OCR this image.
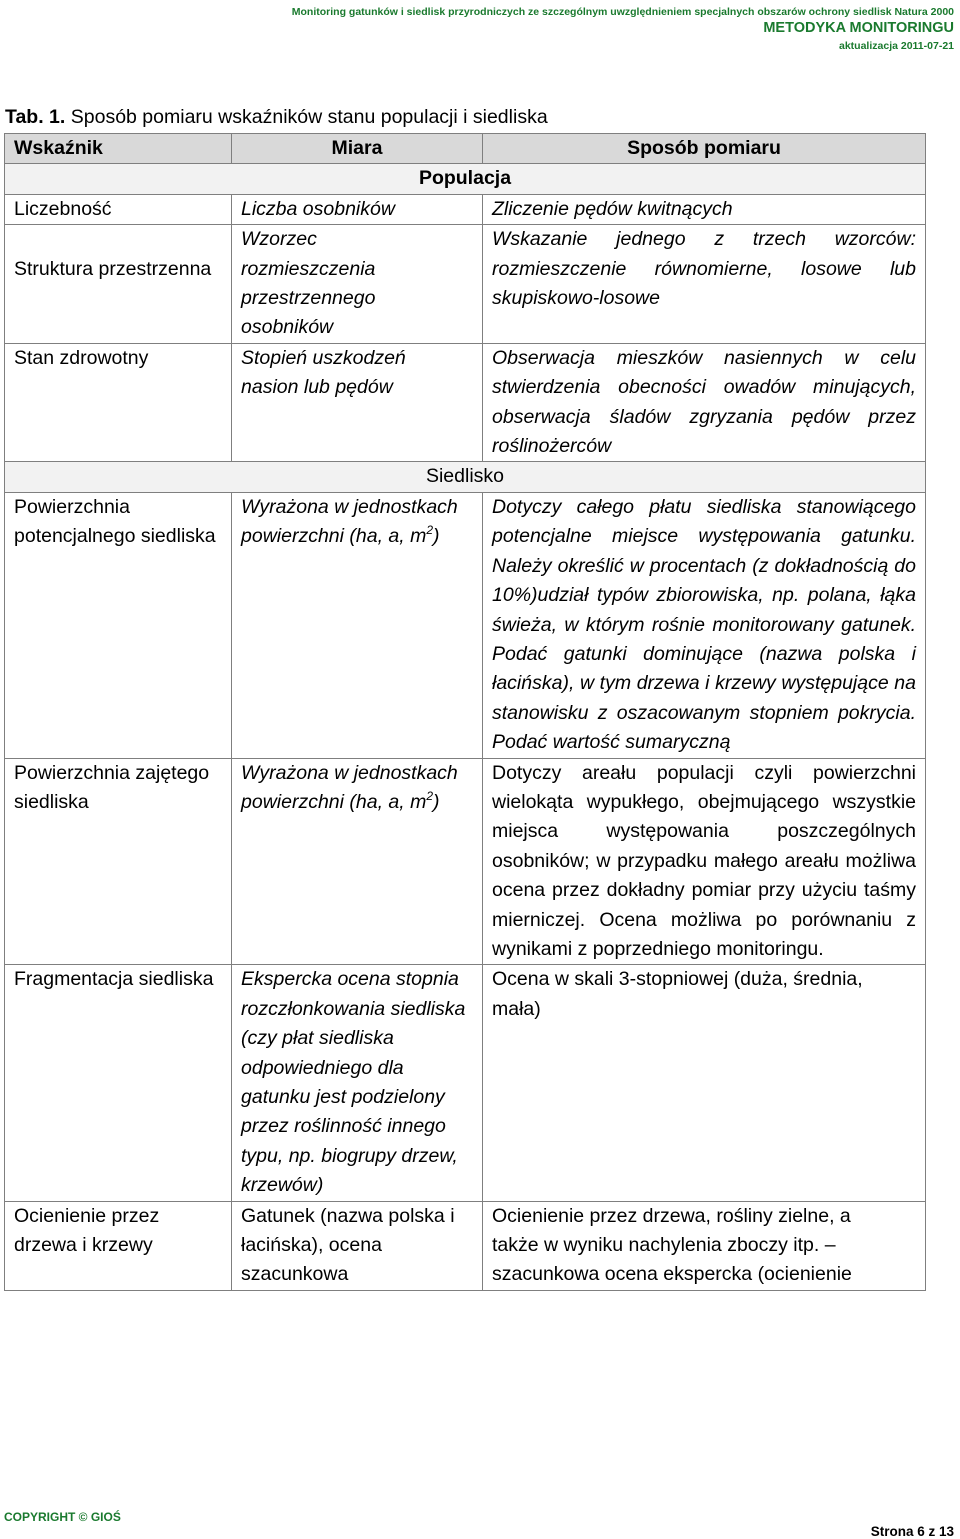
Monitoring gatunków i siedlisk przyrodniczych ze szczególnym uwzględnieniem specjalnych obszarów ochrony siedlisk Natura 2000
METODYKA MONITORINGU
aktualizacja 2011-07-21
Tab. 1. Sposób pomiaru wskaźników stanu populacji i siedliska
Wskaźnik	Miara	Sposób pomiaru
Populacja		
Liczebność	Liczba osobników	Zliczenie pędów kwitnących

Struktura przestrzenna	Wzorzec rozmieszczenia przestrzennego osobników	Wskazanie jednego z trzech wzorców: rozmieszczenie równomierne, losowe lub skupiskowo-losowe
Stan zdrowotny	Stopień uszkodzeń nasion lub pędów	Obserwacja mieszków nasiennych w celu stwierdzenia obecności owadów minujących, obserwacja śladów zgryzania pędów przez roślinożerców
Siedlisko		
Powierzchnia potencjalnego siedliska	Wyrażona w jednostkach powierzchni (ha, a, $m^2$)	Dotyczy całego płatu siedliska stanowiącego potencjalne miejsce występowania gatunku. Należy określić w procentach (z dokładnością do 10%)udział typów zbiorowiska, np. polana, łąka świeża, w którym rośnie monitorowany gatunek. Podać gatunki dominujące (nazwa polska i łacińska), w tym drzewa i krzewy występujące na stanowisku z oszacowanym stopniem pokrycia. Podać wartość sumaryczną
Powierzchnia zajętego siedliska	Wyrażona w jednostkach powierzchni (ha, a, $m^2$)	Dotyczy areału populacji czyli powierzchni wielokąta wypukłego, obejmującego wszystkie miejsca występowania poszczególnych osobników; w przypadku małego areału możliwa ocena przez dokładny pomiar przy użyciu taśmy mierniczej. Ocena możliwa po porównaniu z wynikami z poprzedniego monitoringu.
Fragmentacja siedliska	Ekspercka ocena stopnia rozczłonkowania siedliska (czy płat siedliska odpowiedniego dla gatunku jest podzielony przez roślinność innego typu, np. biogrupy drzew, krzewów)	Ocena w skali 3-stopniowej (duża, średnia, mała)
Ocienienie przez drzewa i krzewy	Gatunek (nazwa polska i łacińska), ocena szacunkowa	Ocienienie przez drzewa, rośliny zielne, a także w wyniku nachylenia zboczy itp. – szacunkowa ocena ekspercka (ocienienie
COPYRIGHT © GIOŚ
Strona 6 z 13
